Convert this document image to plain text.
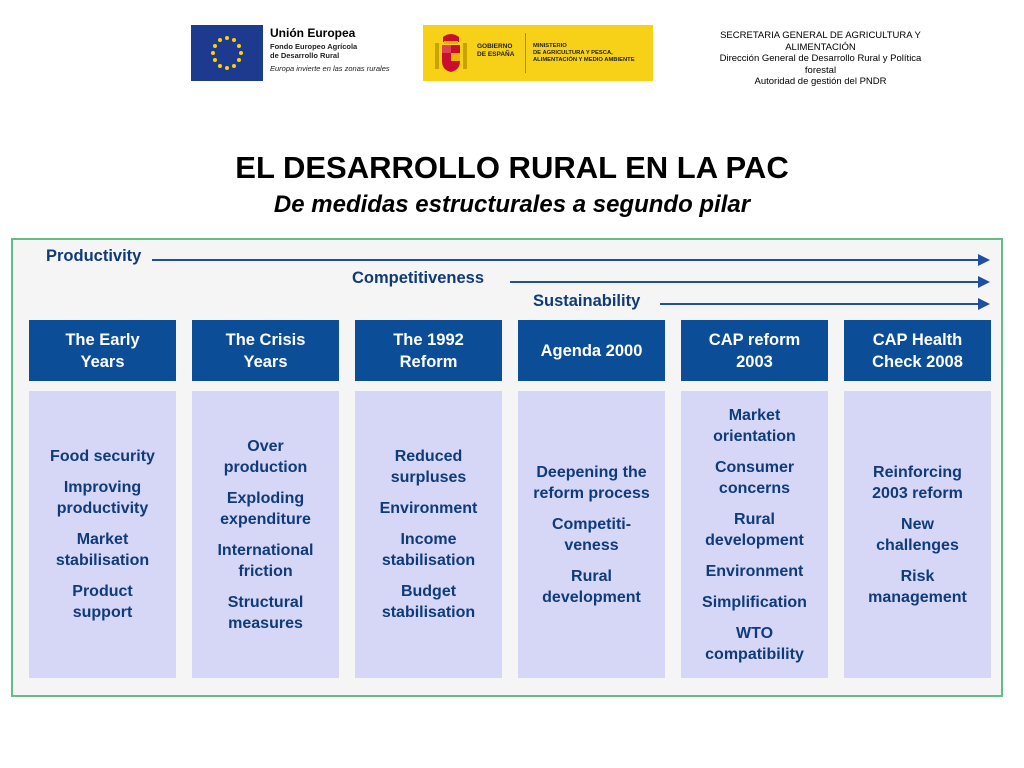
Unión Europea
Fondo Europeo Agrícola
de Desarrollo Rural
Europa invierte en las zonas rurales
GOBIERNO
DE ESPAÑA
MINISTERIO
DE AGRICULTURA Y PESCA,
ALIMENTACIÓN Y MEDIO AMBIENTE
SECRETARIA GENERAL DE AGRICULTURA Y
ALIMENTACIÓN
Dirección General de Desarrollo Rural y Política
forestal
Autoridad de gestión del PNDR
EL DESARROLLO RURAL EN LA PAC
De medidas estructurales a segundo pilar
Productivity
Competitiveness
Sustainability
The Early
Years
Food security
Improving productivity
Market stabilisation
Product support
The Crisis
Years
Over production
Exploding expenditure
International friction
Structural measures
The 1992
Reform
Reduced surpluses
Environment
Income stabilisation
Budget stabilisation
Agenda 2000
Deepening the reform process
Competiti-veness
Rural development
CAP reform
2003
Market orientation
Consumer concerns
Rural development
Environment
Simplification
WTO compatibility
CAP Health
Check 2008
Reinforcing 2003 reform
New challenges
Risk management
